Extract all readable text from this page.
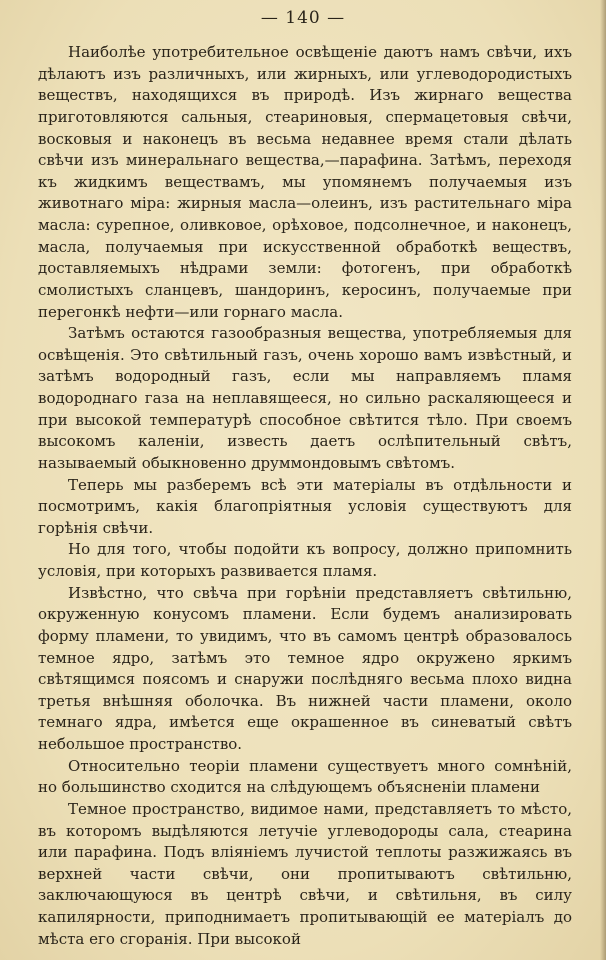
— 140 —

Наиболѣе употребительное освѣщеніе даютъ намъ свѣчи, ихъ дѣлаютъ изъ различныхъ, или жирныхъ, или углеводородистыхъ веществъ, находящихся въ природѣ. Изъ жирнаго вещества приготовляются сальныя, стеариновыя, спермацетовыя свѣчи, восковыя и наконецъ въ весьма недавнее время стали дѣлать свѣчи изъ минеральнаго вещества,—парафина. Затѣмъ, переходя къ жидкимъ веществамъ, мы упомянемъ получаемыя изъ животнаго міра: жирныя масла—олеинъ, изъ растительнаго міра масла: сурепное, оливковое, орѣховое, подсолнечное, и наконецъ, масла, получаемыя при искусственной обработкѣ веществъ, доставляемыхъ нѣдрами земли: фотогенъ, при обработкѣ смолистыхъ сланцевъ, шандоринъ, керосинъ, получаемые при перегонкѣ нефти—или горнаго масла.

Затѣмъ остаются газообразныя вещества, употребляемыя для освѣщенія. Это свѣтильный газъ, очень хорошо вамъ извѣстный, и затѣмъ водородный газъ, если мы направляемъ пламя водороднаго газа на неплавящееся, но сильно раскаляющееся и при высокой температурѣ способное свѣтится тѣло. При своемъ высокомъ каленіи, известь даетъ ослѣпительный свѣтъ, называемый обыкновенно друммондовымъ свѣтомъ.

Теперь мы разберемъ всѣ эти матеріалы въ отдѣльности и посмотримъ, какія благопріятныя условія существуютъ для горѣнія свѣчи.

Но для того, чтобы подойти къ вопросу, должно припомнить условія, при которыхъ развивается пламя.

Извѣстно, что свѣча при горѣніи представляетъ свѣтильню, окруженную конусомъ пламени. Если будемъ анализировать форму пламени, то увидимъ, что въ самомъ центрѣ образовалось темное ядро, затѣмъ это темное ядро окружено яркимъ свѣтящимся поясомъ и снаружи послѣдняго весьма плохо видна третья внѣшняя оболочка. Въ нижней части пламени, около темнаго ядра, имѣется еще окрашенное въ синеватый свѣтъ небольшое пространство.

Относительно теоріи пламени существуетъ много сомнѣній, но большинство сходится на слѣдующемъ объясненіи пламени

Темное пространство, видимое нами, представляетъ то мѣсто, въ которомъ выдѣляются летучіе углеводороды сала, стеарина или парафина. Подъ вліяніемъ лучистой теплоты разжижаясь въ верхней части свѣчи, они пропитываютъ свѣтильню, заключающуюся въ центрѣ свѣчи, и свѣтильня, въ силу капилярности, приподнимаетъ пропитывающій ее матеріалъ до мѣста его сгоранія. При высокой
